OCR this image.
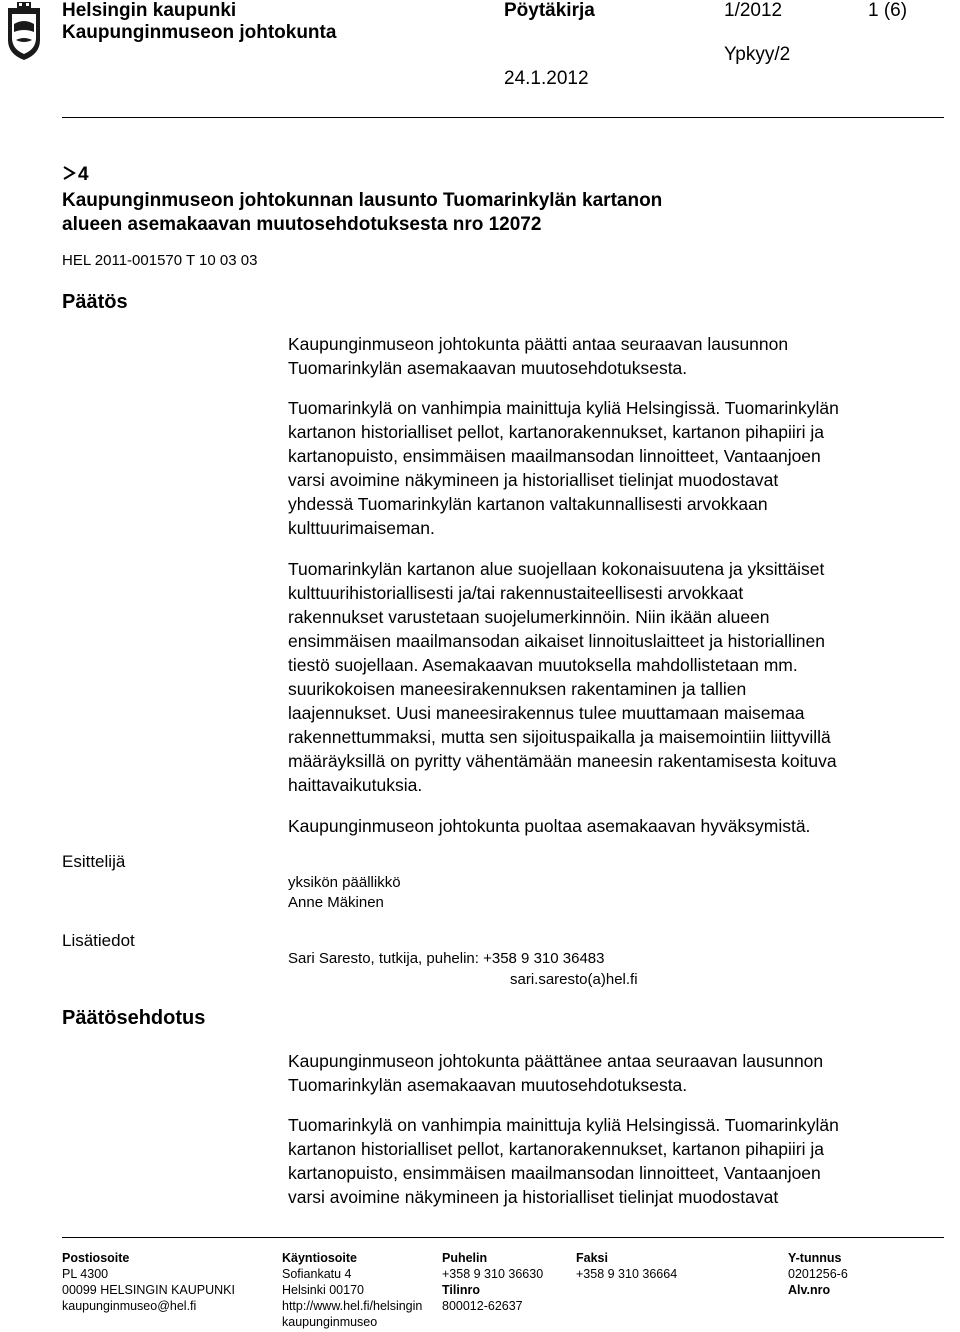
Helsingin kaupunki
Kaupunginmuseon johtokunta
Pöytäkirja	1/2012	1 (6)
Ypkyy/2
24.1.2012
4
Kaupunginmuseon johtokunnan lausunto Tuomarinkylän kartanon
alueen asemakaavan muutosehdotuksesta nro 12072
HEL 2011-001570 T 10 03 03
Päätös
Esittelijä
Lisätiedot
Päätösehdotus
Kaupunginmuseon johtokunta päätti antaa seuraavan lausunnon
Tuomarinkylän asemakaavan muutosehdotuksesta.
Tuomarinkylä on vanhimpia mainittuja kyliä Helsingissä. Tuomarinkylän
kartanon historialliset pellot, kartanorakennukset, kartanon pihapiiri ja
kartanopuisto, ensimmäisen maailmansodan linnoitteet, Vantaanjoen
varsi avoimine näkymineen ja historialliset tielinjat muodostavat
yhdessä Tuomarinkylän kartanon valtakunnallisesti arvokkaan
kulttuurimaiseman.
Tuomarinkylän kartanon alue suojellaan kokonaisuutena ja yksittäiset
kulttuurihistoriallisesti ja/tai rakennustaiteellisesti arvokkaat
rakennukset varustetaan suojelumerkinnöin. Niin ikään alueen
ensimmäisen maailmansodan aikaiset linnoituslaitteet ja historiallinen
tiestö suojellaan. Asemakaavan muutoksella mahdollistetaan mm.
suurikokoisen maneesirakennuksen rakentaminen ja tallien
laajennukset. Uusi maneesirakennus tulee muuttamaan maisemaa
rakennettummaksi, mutta sen sijoituspaikalla ja maisemointiin liittyvillä
määräyksillä on pyritty vähentämään maneesin rakentamisesta koituva
haittavaikutuksia.
Kaupunginmuseon johtokunta puoltaa asemakaavan hyväksymistä.
yksikön päällikkö
Anne Mäkinen
Sari Saresto, tutkija, puhelin: +358 9 310 36483
sari.saresto(a)hel.fi
Kaupunginmuseon johtokunta päättänee antaa seuraavan lausunnon
Tuomarinkylän asemakaavan muutosehdotuksesta.
Tuomarinkylä on vanhimpia mainittuja kyliä Helsingissä. Tuomarinkylän
kartanon historialliset pellot, kartanorakennukset, kartanon pihapiiri ja
kartanopuisto, ensimmäisen maailmansodan linnoitteet, Vantaanjoen
varsi avoimine näkymineen ja historialliset tielinjat muodostavat
Postiosoite
PL 4300
00099 HELSINGIN KAUPUNKI
kaupunginmuseo@hel.fi
Käyntiosoite
Sofiankatu 4
Helsinki 00170
http://www.hel.fi/helsingin
kaupunginmuseo
Puhelin
+358 9 310 36630
Tilinro
800012-62637
Faksi
+358 9 310 36664
Y-tunnus
0201256-6
Alv.nro
